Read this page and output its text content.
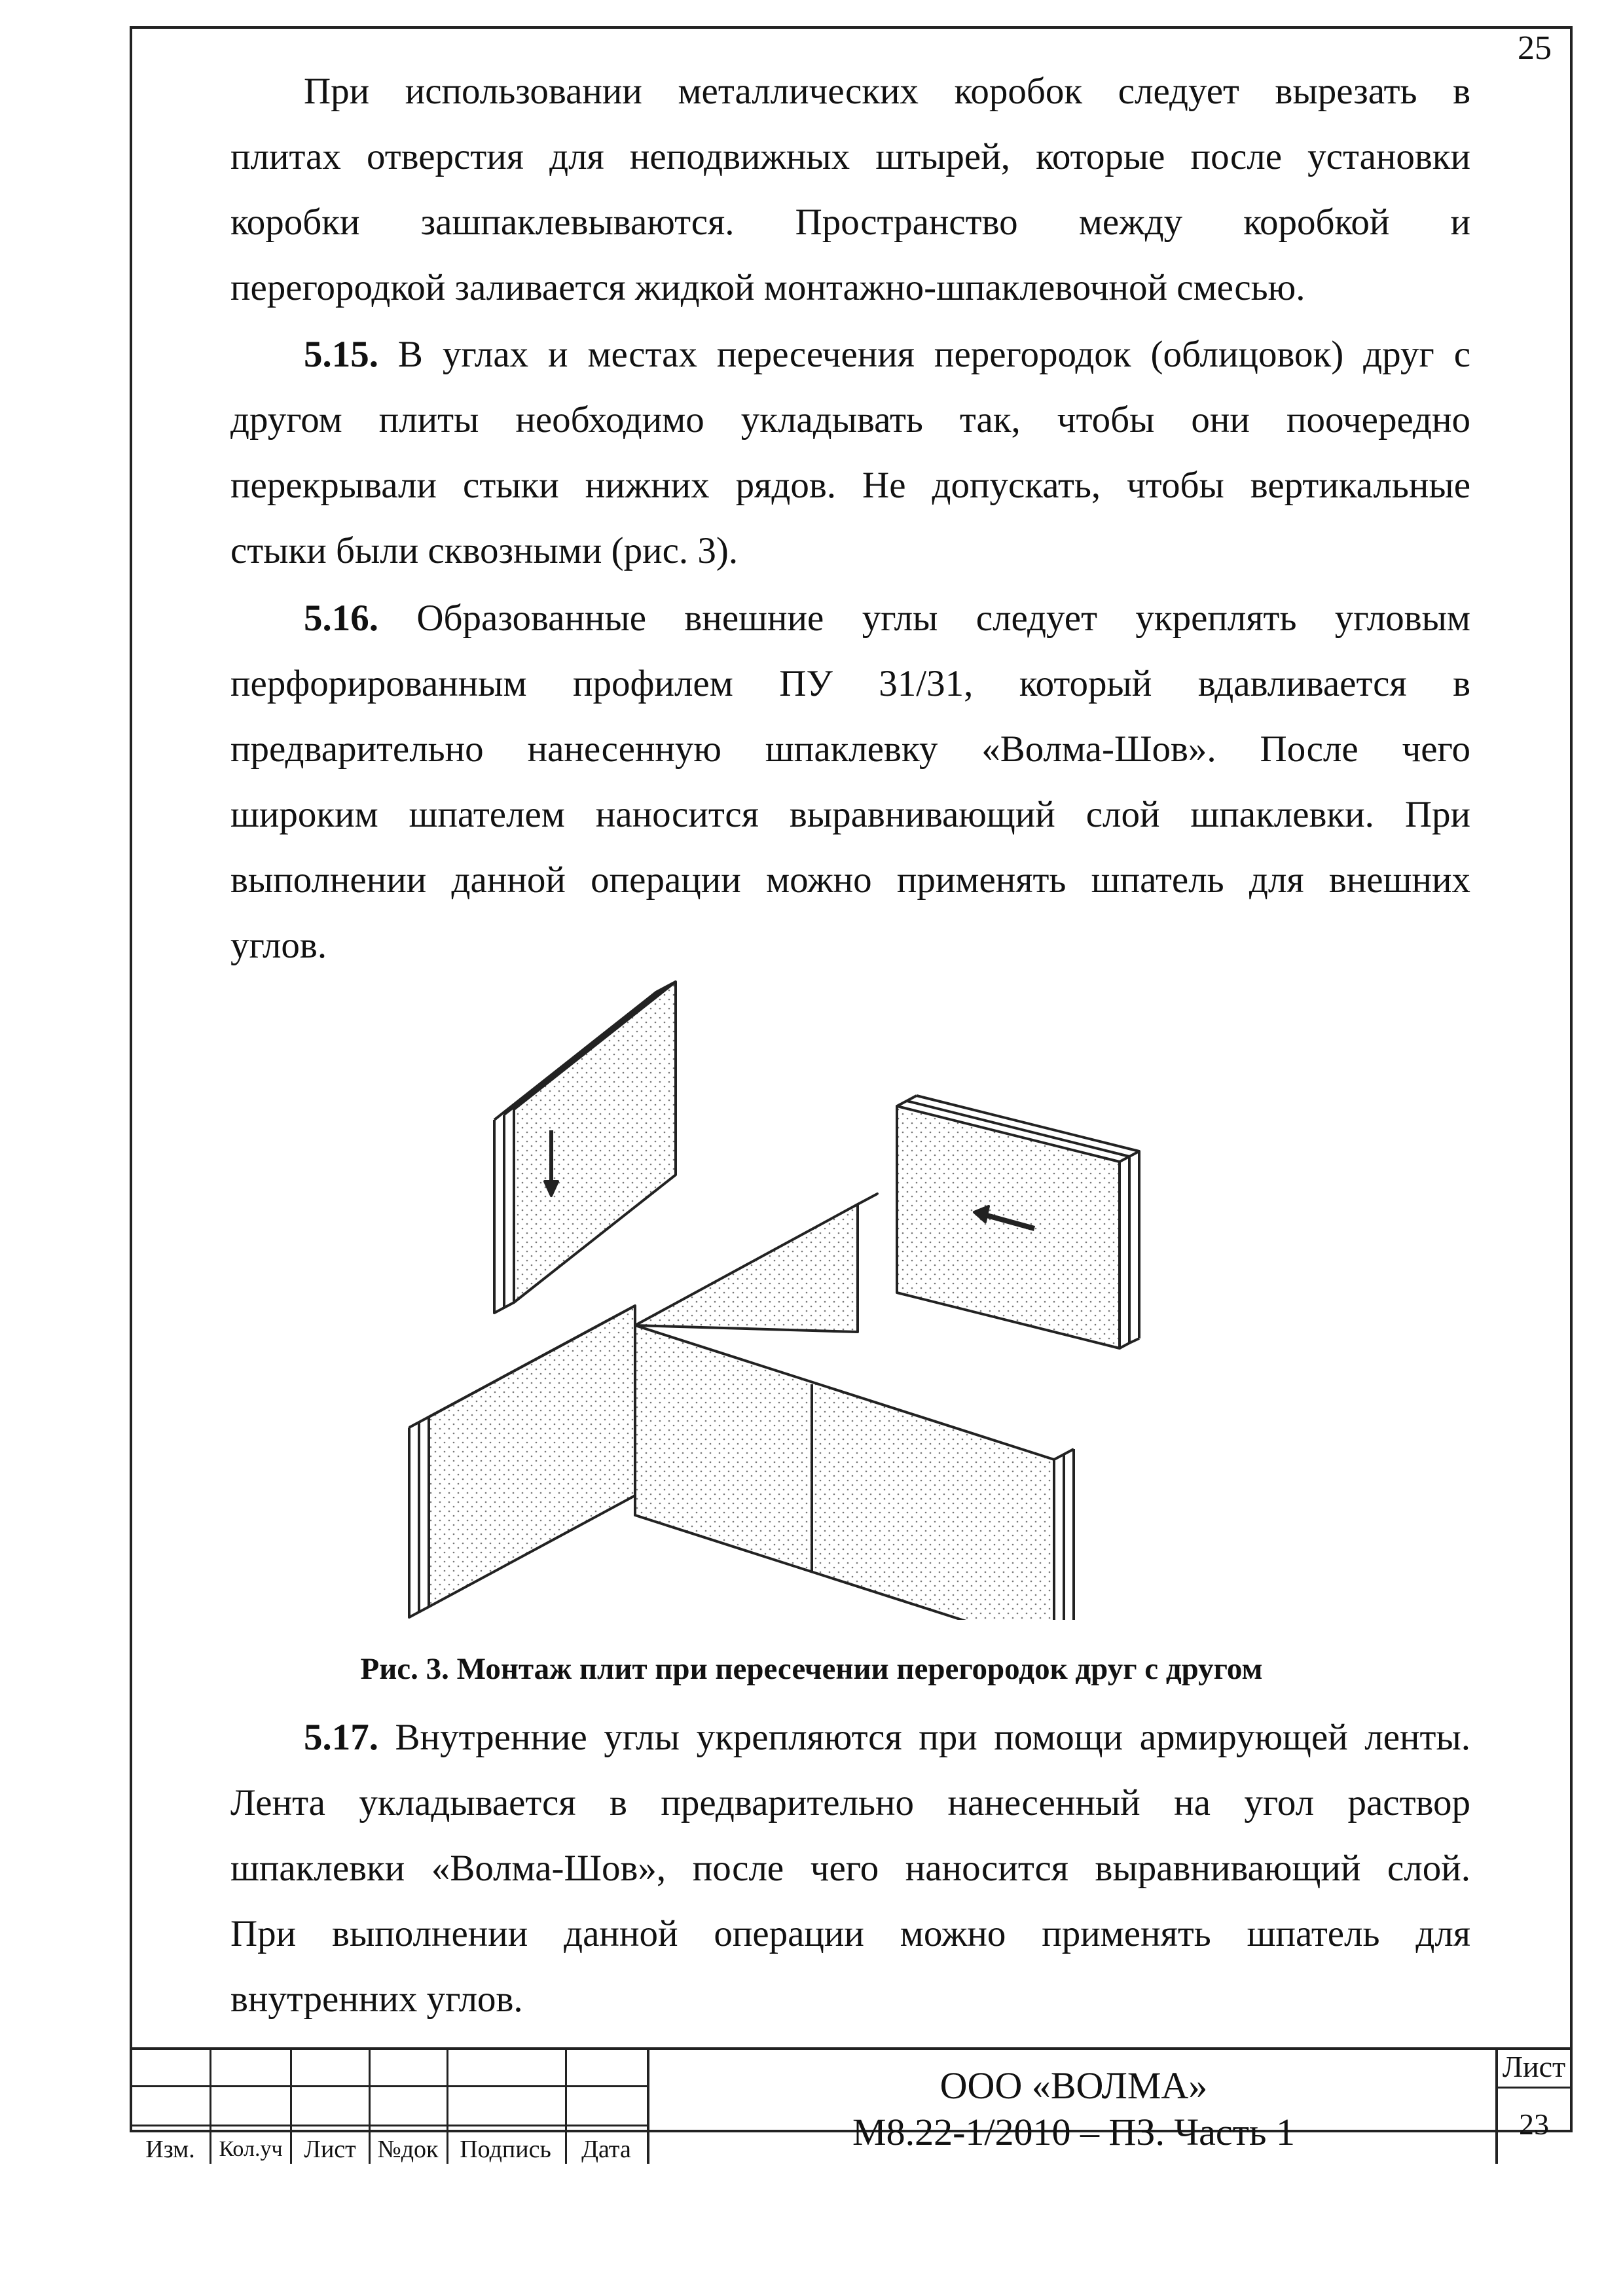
25
При использовании металлических коробок следует вырезать в
плитах отверстия для неподвижных штырей, которые после установки
коробки зашпаклевываются. Пространство между коробкой и
перегородкой заливается жидкой монтажно-шпаклевочной смесью.
5.15. В углах и местах пересечения перегородок (облицовок) друг с
другом плиты необходимо укладывать так, чтобы они поочередно
перекрывали стыки нижних рядов. Не допускать, чтобы вертикальные
стыки были сквозными (рис. 3).
5.16. Образованные внешние углы следует укреплять угловым
перфорированным профилем ПУ 31/31, который вдавливается в
предварительно нанесенную шпаклевку «Волма-Шов». После чего
широким шпателем наносится выравнивающий слой шпаклевки. При
выполнении данной операции можно применять шпатель для внешних
углов.
Рис. 3. Монтаж плит при пересечении перегородок друг с другом
5.17. Внутренние углы укрепляются при помощи армирующей ленты.
Лента укладывается в предварительно нанесенный на угол раствор
шпаклевки «Волма-Шов», после чего наносится выравнивающий слой.
При выполнении данной операции можно применять шпатель для
внутренних углов.
Изм.	Кол.уч Лист №док Подпись	Дата
ООО «ВОЛМА»
М8.22-1/2010 – ПЗ. Часть 1
Лист
23
